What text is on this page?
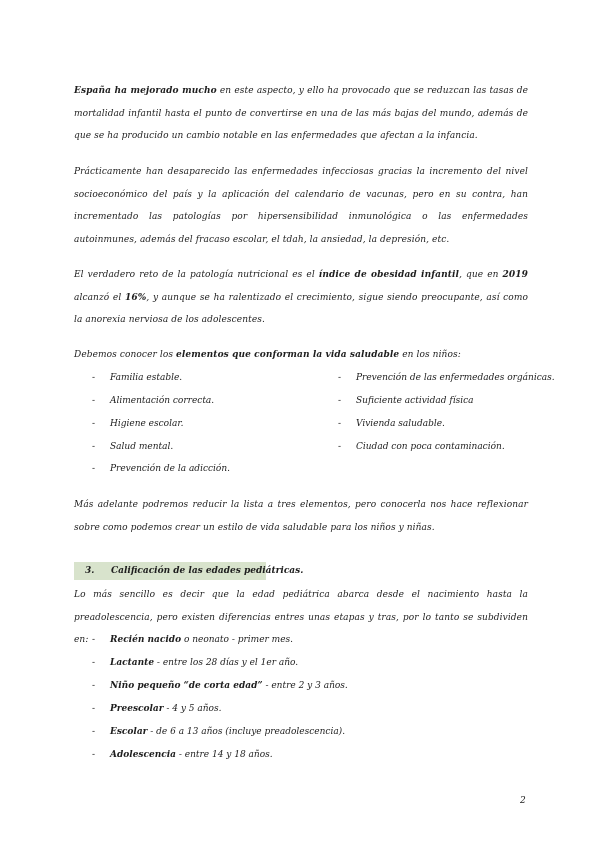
España ha mejorado mucho en este aspecto, y ello ha provocado que se reduzcan las tasas de mortalidad infantil hasta el punto de convertirse en una de las más bajas del mundo, además de que se ha producido un cambio notable en las enfermedades que afectan a la infancia.
Prácticamente han desaparecido las enfermedades infecciosas gracias la incremento del nivel socioeconómico del país y la aplicación del calendario de vacunas, pero en su contra, han incrementado las patologías por hipersensibilidad inmunológica o las enfermedades autoinmunes, además del fracaso escolar, el tdah, la ansiedad, la depresión, etc.
El verdadero reto de la patología nutricional es el índice de obesidad infantil, que en 2019 alcanzó el 16%, y aunque se ha ralentizado el crecimiento, sigue siendo preocupante, así como la anorexia nerviosa de los adolescentes.
Debemos conocer los elementos que conforman la vida saludable en los niños:
- Familia estable.
- Alimentación correcta.
- Higiene escolar.
- Salud mental.
- Prevención de la adicción.
- Prevención de las enfermedades orgánicas.
- Suficiente actividad física
- Vivienda saludable.
- Ciudad con poca contaminación.
Más adelante podremos reducir la lista a tres elementos, pero conocerla nos hace reflexionar sobre como podemos crear un estilo de vida saludable para los niños y niñas.
3. Calificación de las edades pediátricas.
Lo más sencillo es decir que la edad pediátrica abarca desde el nacimiento hasta la preadolescencia, pero existen diferencias entres unas etapas y tras, por lo tanto se subdividen en: - Recién nacido o neonato - primer mes.
- Lactante - entre los 28 días y el 1er año.
- Niño pequeño “de corta edad” - entre 2 y 3 años.
- Preescolar - 4 y 5 años.
- Escolar - de 6 a 13 años (incluye preadolescencia).
- Adolescencia - entre 14 y 18 años.
2
